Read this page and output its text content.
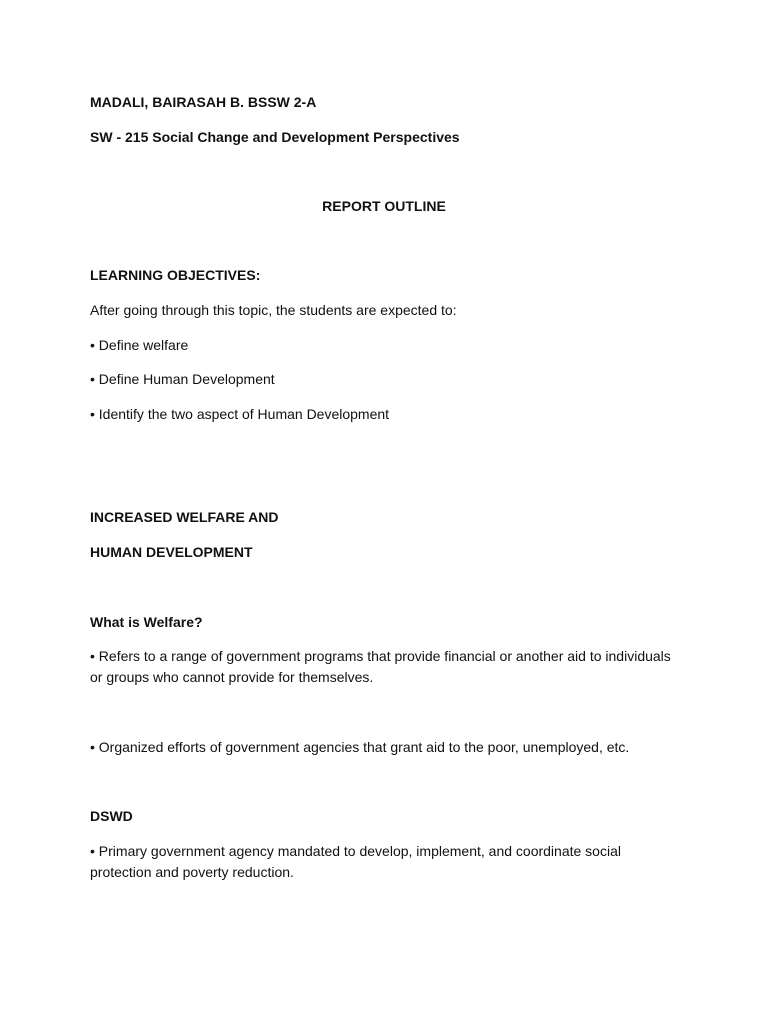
MADALI, BAIRASAH B. BSSW 2-A
SW - 215 Social Change and Development Perspectives
REPORT OUTLINE
LEARNING OBJECTIVES:
After going through this topic, the students are expected to:
• Define welfare
• Define Human Development
• Identify the two aspect of Human Development
INCREASED WELFARE AND
HUMAN DEVELOPMENT
What is Welfare?
• Refers to a range of government programs that provide financial or another aid to individuals or groups who cannot provide for themselves.
• Organized efforts of government agencies that grant aid to the poor, unemployed, etc.
DSWD
• Primary government agency mandated to develop, implement, and coordinate social protection and poverty reduction.
